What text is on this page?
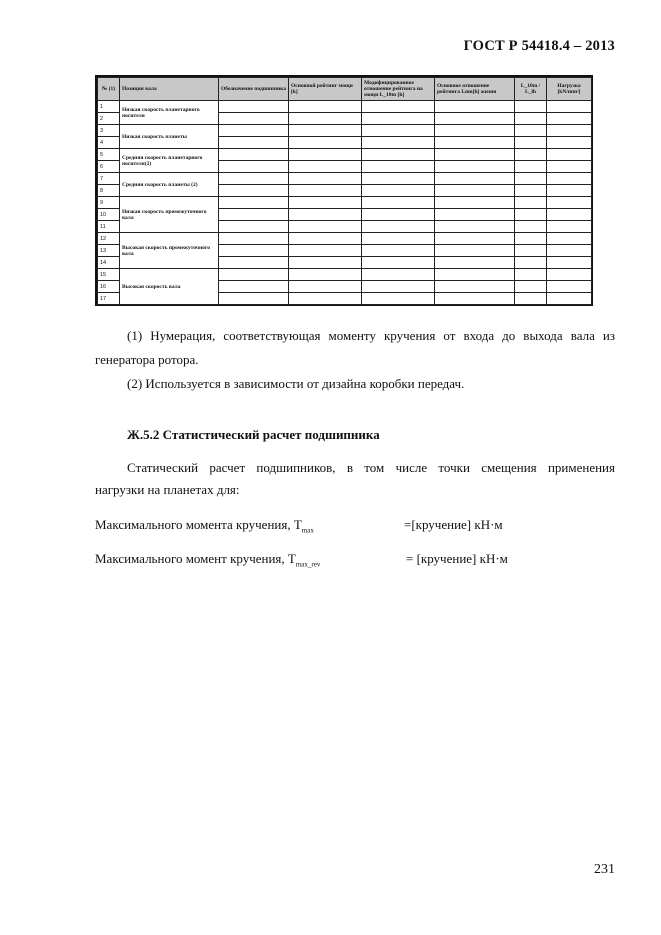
ГОСТ Р 54418.4 – 2013
№ (1)	Позиция вала	Обозначение подшипника	Основной рейтинг мощи [k]	Модифицированное отношение рейтинга на мощи L_10m [h]	Основное отношение рейтинга Lnm[h] жизни	L_10m / L_lh	Нагрузка [kN/mm²]
1	Низкая скорость планетарного носителя						
2							
3	Низкая скорость планеты						
4							
5	Средняя скорость планетарного носителя(2)						
6							
7	Средняя скорость планеты (2)						
8							
9	Низкая скорость промежуточного вала						
10							
11							
12	Высокая скорость промежуточного вала						
13							
14							
15	Высокая скорость вала						
16							
17							

(1) Нумерация, соответствующая моменту кручения от входа до выхода вала из

генератора ротора.

(2) Используется в зависимости от дизайна коробки передач.

Ж.5.2 Статистический расчет подшипника

Статический расчет подшипников, в том числе точки смещения применения

нагрузки на планетах для:

Максимального момента кручения, $T_{max}$	=[кручение] кН·м

Максимального момент кручения, $T_{max\_rev}$	= [кручение] кН·м

231
